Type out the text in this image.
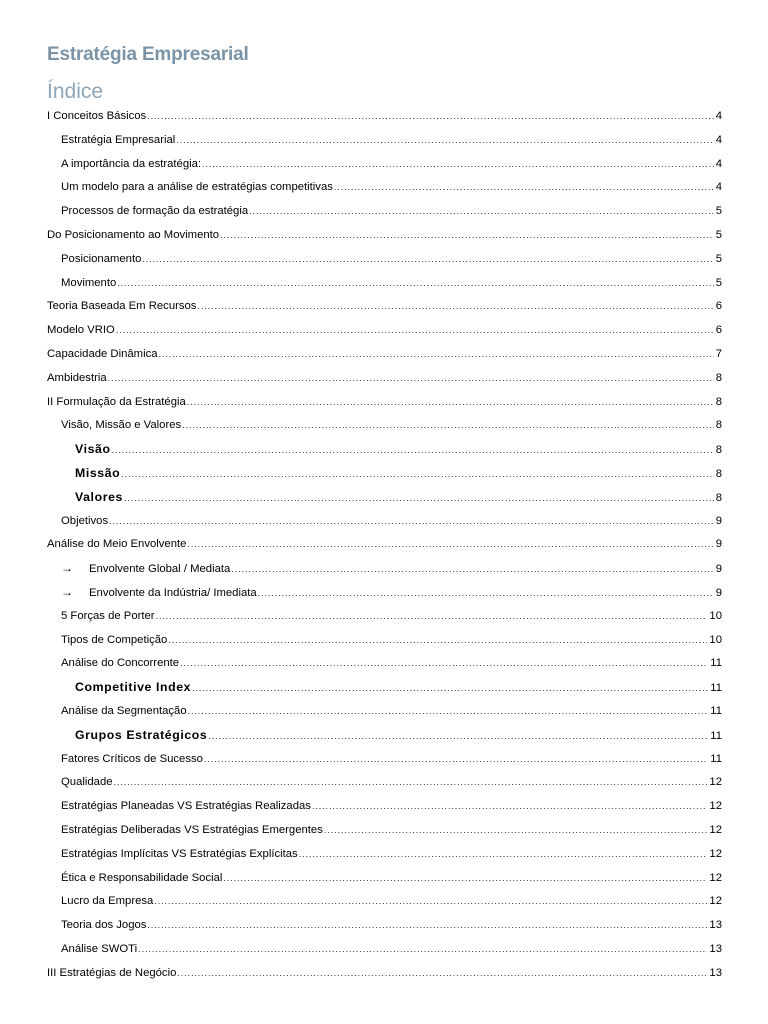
Estratégia Empresarial
Índice
I Conceitos Básicos .....	4
Estratégia Empresarial .....	4
A importância da estratégia: .....	4
Um modelo para a análise de estratégias competitivas .....	4
Processos de formação da estratégia .....	5
Do Posicionamento ao Movimento .....	5
Posicionamento .....	5
Movimento .....	5
Teoria Baseada Em Recursos .....	6
Modelo VRIO .....	6
Capacidade Dinâmica .....	7
Ambidestria .....	8
II Formulação da Estratégia .....	8
Visão, Missão e Valores .....	8
Visão .....	8
Missão .....	8
Valores .....	8
Objetivos .....	9
Análise do Meio Envolvente .....	9
→ Envolvente Global / Mediata .....	9
→ Envolvente da Indústria/ Imediata .....	9
5 Forças de Porter .....	10
Tipos de Competição .....	10
Análise do Concorrente .....	11
Competitive Index .....	11
Análise da Segmentação .....	11
Grupos Estratégicos .....	11
Fatores Críticos de Sucesso .....	11
Qualidade .....	12
Estratégias Planeadas VS Estratégias Realizadas .....	12
Estratégias Deliberadas VS Estratégias Emergentes .....	12
Estratégias Implícitas VS Estratégias Explícitas .....	12
Ética e Responsabilidade Social .....	12
Lucro da Empresa .....	12
Teoria dos Jogos .....	13
Análise SWOTi .....	13
III Estratégias de Negócio .....	13
